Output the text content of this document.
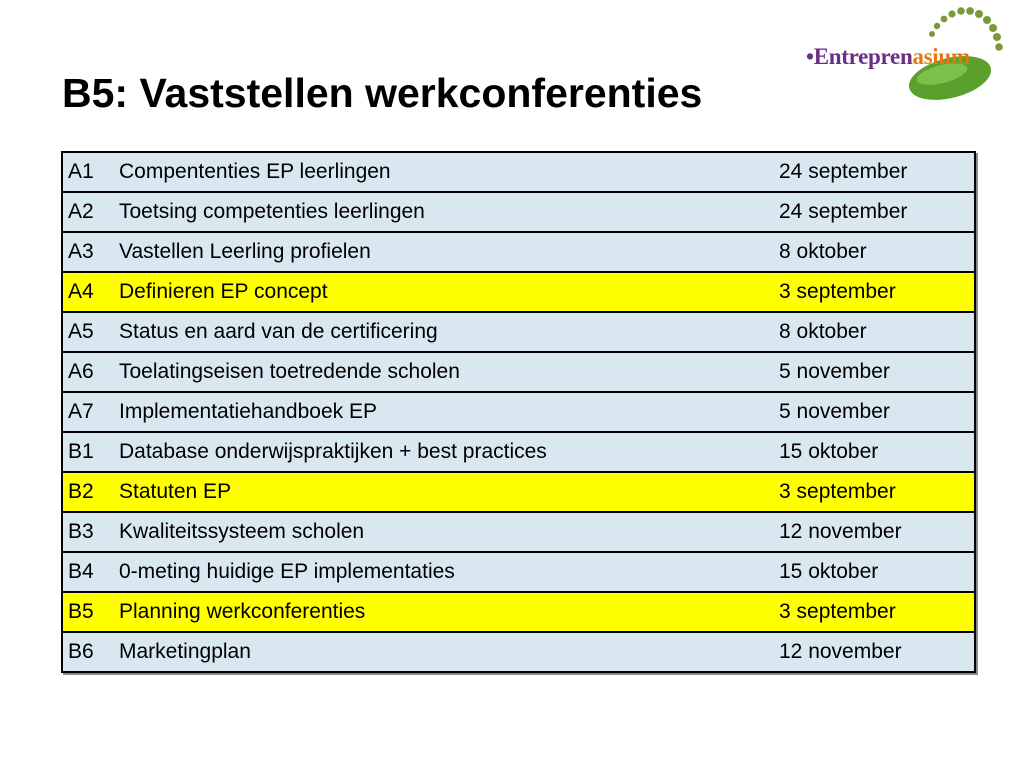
•Entreprenasium
B5: Vaststellen werkconferenties
A1	Compententies EP leerlingen	24 september
A2	Toetsing competenties leerlingen	24 september
A3	Vastellen Leerling profielen	8 oktober
A4	Definieren EP concept	3 september
A5	Status en aard van de certificering	8 oktober
A6	Toelatingseisen toetredende scholen	5 november
A7	Implementatiehandboek EP	5 november
B1	Database onderwijspraktijken + best practices	15 oktober
B2	Statuten EP	3 september
B3	Kwaliteitssysteem scholen	12 november
B4	0-meting huidige EP implementaties	15 oktober
B5	Planning werkconferenties	3 september
B6	Marketingplan	12 november
